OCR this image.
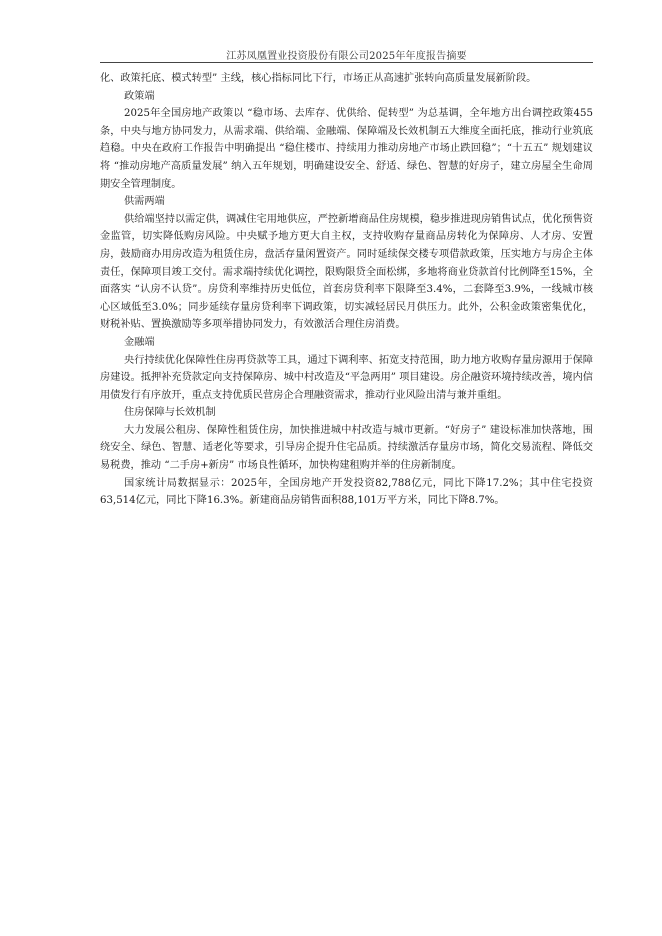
江苏凤凰置业投资股份有限公司2025年年度报告摘要

化、政策托底、模式转型” 主线，核心指标同比下行，市场正从高速扩张转向高质量发展新阶段。

政策端

2025年全国房地产政策以 “稳市场、去库存、优供给、促转型” 为总基调，全年地方出台调控政策455条，中央与地方协同发力，从需求端、供给端、金融端、保障端及长效机制五大维度全面托底，推动行业筑底趋稳。中央在政府工作报告中明确提出 “稳住楼市、持续用力推动房地产市场止跌回稳”；“十五五” 规划建议将 “推动房地产高质量发展” 纳入五年规划，明确建设安全、舒适、绿色、智慧的好房子，建立房屋全生命周期安全管理制度。

供需两端

供给端坚持以需定供，调减住宅用地供应，严控新增商品住房规模，稳步推进现房销售试点，优化预售资金监管，切实降低购房风险。中央赋予地方更大自主权，支持收购存量商品房转化为保障房、人才房、安置房，鼓励商办用房改造为租赁住房，盘活存量闲置资产。同时延续保交楼专项借款政策，压实地方与房企主体责任，保障项目竣工交付。需求端持续优化调控，限购限贷全面松绑，多地将商业贷款首付比例降至15%，全面落实 “认房不认贷”。房贷利率维持历史低位，首套房贷利率下限降至3.4%，二套降至3.9%，一线城市核心区域低至3.0%；同步延续存量房贷利率下调政策，切实减轻居民月供压力。此外，公积金政策密集优化，财税补贴、置换激励等多项举措协同发力，有效激活合理住房消费。

金融端

央行持续优化保障性住房再贷款等工具，通过下调利率、拓宽支持范围，助力地方收购存量房源用于保障房建设。抵押补充贷款定向支持保障房、城中村改造及“平急两用” 项目建设。房企融资环境持续改善，境内信用债发行有序放开，重点支持优质民营房企合理融资需求，推动行业风险出清与兼并重组。

住房保障与长效机制

大力发展公租房、保障性租赁住房，加快推进城中村改造与城市更新。“好房子” 建设标准加快落地，围绕安全、绿色、智慧、适老化等要求，引导房企提升住宅品质。持续激活存量房市场，简化交易流程、降低交易税费，推动 “二手房+新房” 市场良性循环，加快构建租购并举的住房新制度。

国家统计局数据显示：2025年，全国房地产开发投资82,788亿元，同比下降17.2%；其中住宅投资63,514亿元，同比下降16.3%。新建商品房销售面积88,101万平方米，同比下降8.7%。
